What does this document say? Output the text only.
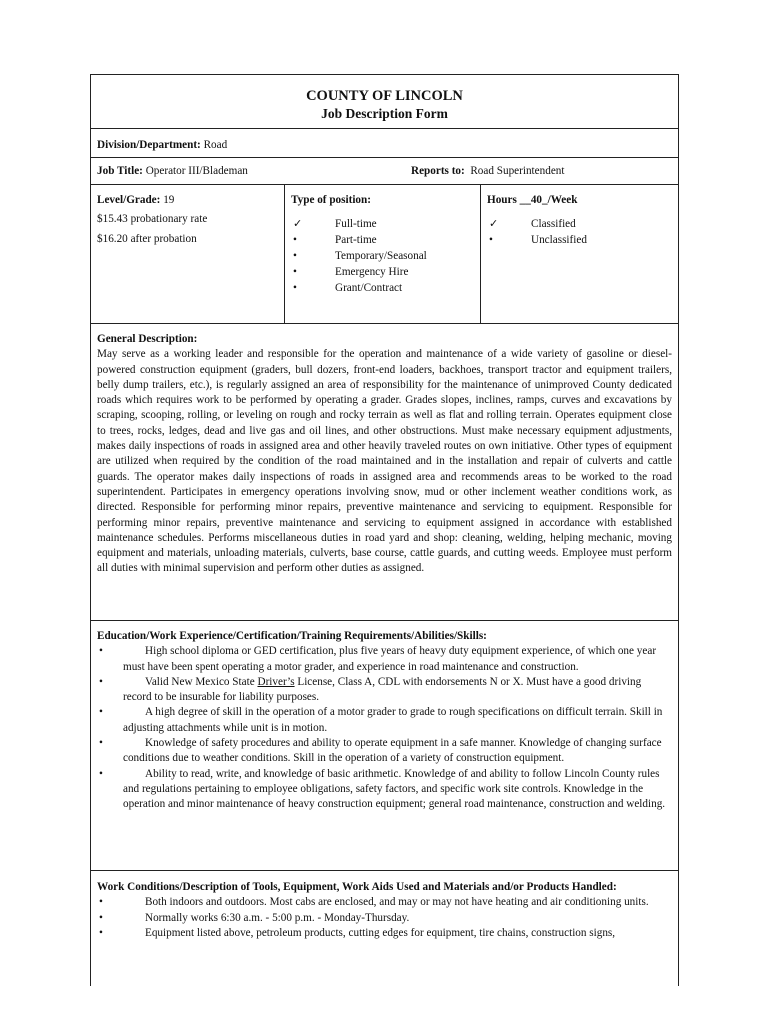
COUNTY OF LINCOLN
Job Description Form
Division/Department: Road
Job Title: Operator III/Blademan	Reports to: Road Superintendent
Level/Grade: 19
$15.43 probationary rate
$16.20 after probation
Type of position:
✓	Full-time
•	Part-time
•	Temporary/Seasonal
•	Emergency Hire
•	Grant/Contract
Hours __40_/Week
✓	Classified
•	Unclassified
General Description:

May serve as a working leader and responsible for the operation and maintenance of a wide variety of gasoline or diesel-powered construction equipment (graders, bull dozers, front-end loaders, backhoes, transport tractor and equipment trailers, belly dump trailers, etc.), is regularly assigned an area of responsibility for the maintenance of unimproved County dedicated roads which requires work to be performed by operating a grader. Grades slopes, inclines, ramps, curves and excavations by scraping, scooping, rolling, or leveling on rough and rocky terrain as well as flat and rolling terrain. Operates equipment close to trees, rocks, ledges, dead and live gas and oil lines, and other obstructions. Must make necessary equipment adjustments, makes daily inspections of roads in assigned area and other heavily traveled routes on own initiative. Other types of equipment are utilized when required by the condition of the road maintained and in the installation and repair of culverts and cattle guards. The operator makes daily inspections of roads in assigned area and recommends areas to be worked to the road superintendent. Participates in emergency operations involving snow, mud or other inclement weather conditions work, as directed. Responsible for performing minor repairs, preventive maintenance and servicing to equipment. Responsible for performing minor repairs, preventive maintenance and servicing to equipment assigned in accordance with established maintenance schedules. Performs miscellaneous duties in road yard and shop: cleaning, welding, helping mechanic, moving equipment and materials, unloading materials, culverts, base course, cattle guards, and cutting weeds. Employee must perform all duties with minimal supervision and perform other duties as assigned.

Education/Work Experience/Certification/Training Requirements/Abilities/Skills:
•	High school diploma or GED certification, plus five years of heavy duty equipment experience, of which one year must have been spent operating a motor grader, and experience in road maintenance and construction.
•	Valid New Mexico State Driver’s License, Class A, CDL with endorsements N or X. Must have a good driving record to be insurable for liability purposes.
•	A high degree of skill in the operation of a motor grader to grade to rough specifications on difficult terrain. Skill in adjusting attachments while unit is in motion.
•	Knowledge of safety procedures and ability to operate equipment in a safe manner. Knowledge of changing surface conditions due to weather conditions. Skill in the operation of a variety of construction equipment.
•	Ability to read, write, and knowledge of basic arithmetic. Knowledge of and ability to follow Lincoln County rules and regulations pertaining to employee obligations, safety factors, and specific work site controls. Knowledge in the operation and minor maintenance of heavy construction equipment; general road maintenance, construction and welding.
Work Conditions/Description of Tools, Equipment, Work Aids Used and Materials and/or Products Handled:
•	Both indoors and outdoors. Most cabs are enclosed, and may or may not have heating and air conditioning units.
•	Normally works 6:30 a.m. - 5:00 p.m. - Monday-Thursday.
•	Equipment listed above, petroleum products, cutting edges for equipment, tire chains, construction signs,
